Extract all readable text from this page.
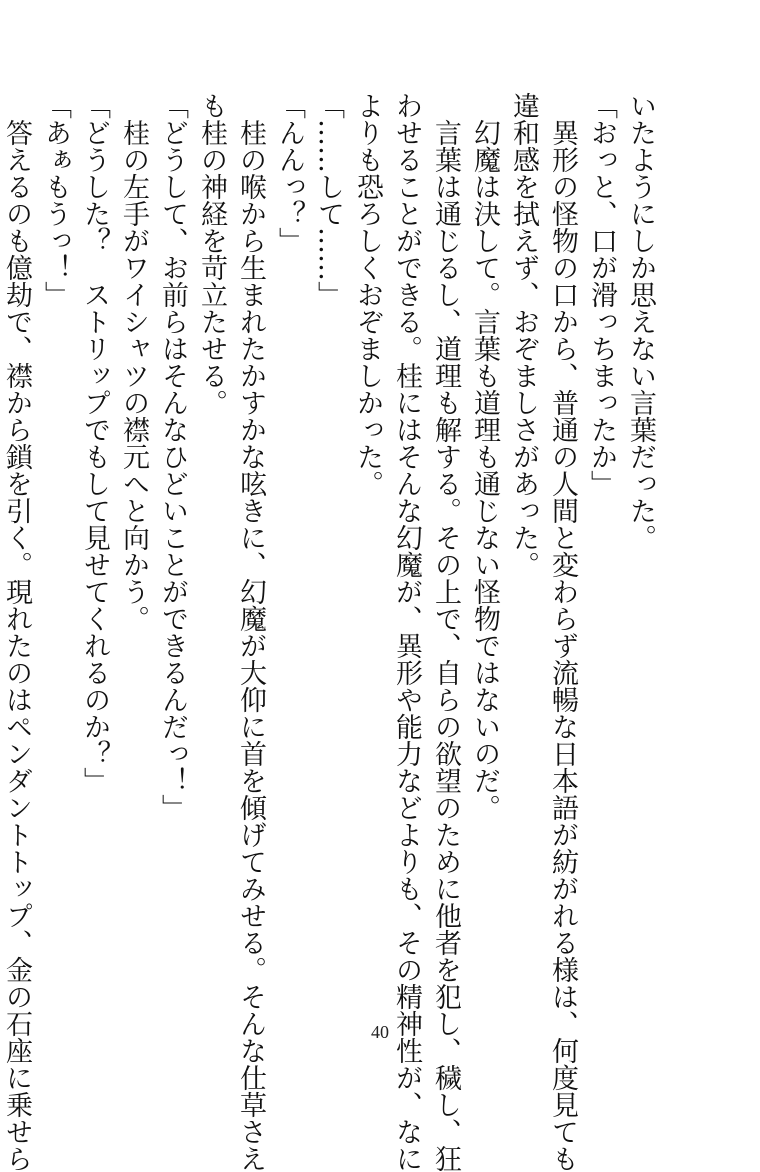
いたようにしか思えない言葉だった。
「おっと、口が滑っちまったか」
　異形の怪物の口から、普通の人間と変わらず流暢な日本語が紡がれる様は、何度見ても
違和感を拭えず、おぞましさがあった。
　幻魔は決して。言葉も道理も通じない怪物ではないのだ。
　言葉は通じるし、道理も解する。その上で、自らの欲望のために他者を犯し、穢し、狂
わせることができる。桂にはそんな幻魔が、異形や能力などよりも、その精神性が、なに
よりも恐ろしくおぞましかった。
「……して……」
「んんっ？」
　桂の喉から生まれたかすかな呟きに、幻魔が大仰に首を傾げてみせる。そんな仕草さえ
も桂の神経を苛立たせる。
「どうして、お前らはそんなひどいことができるんだっ！」
　桂の左手がワイシャツの襟元へと向かう。
「どうした？　ストリップでもして見せてくれるのか？」
「あぁもうっ！」
　答えるのも億劫で、襟から鎖を引く。現れたのはペンダントトップ、金の石座に乗せら	40
